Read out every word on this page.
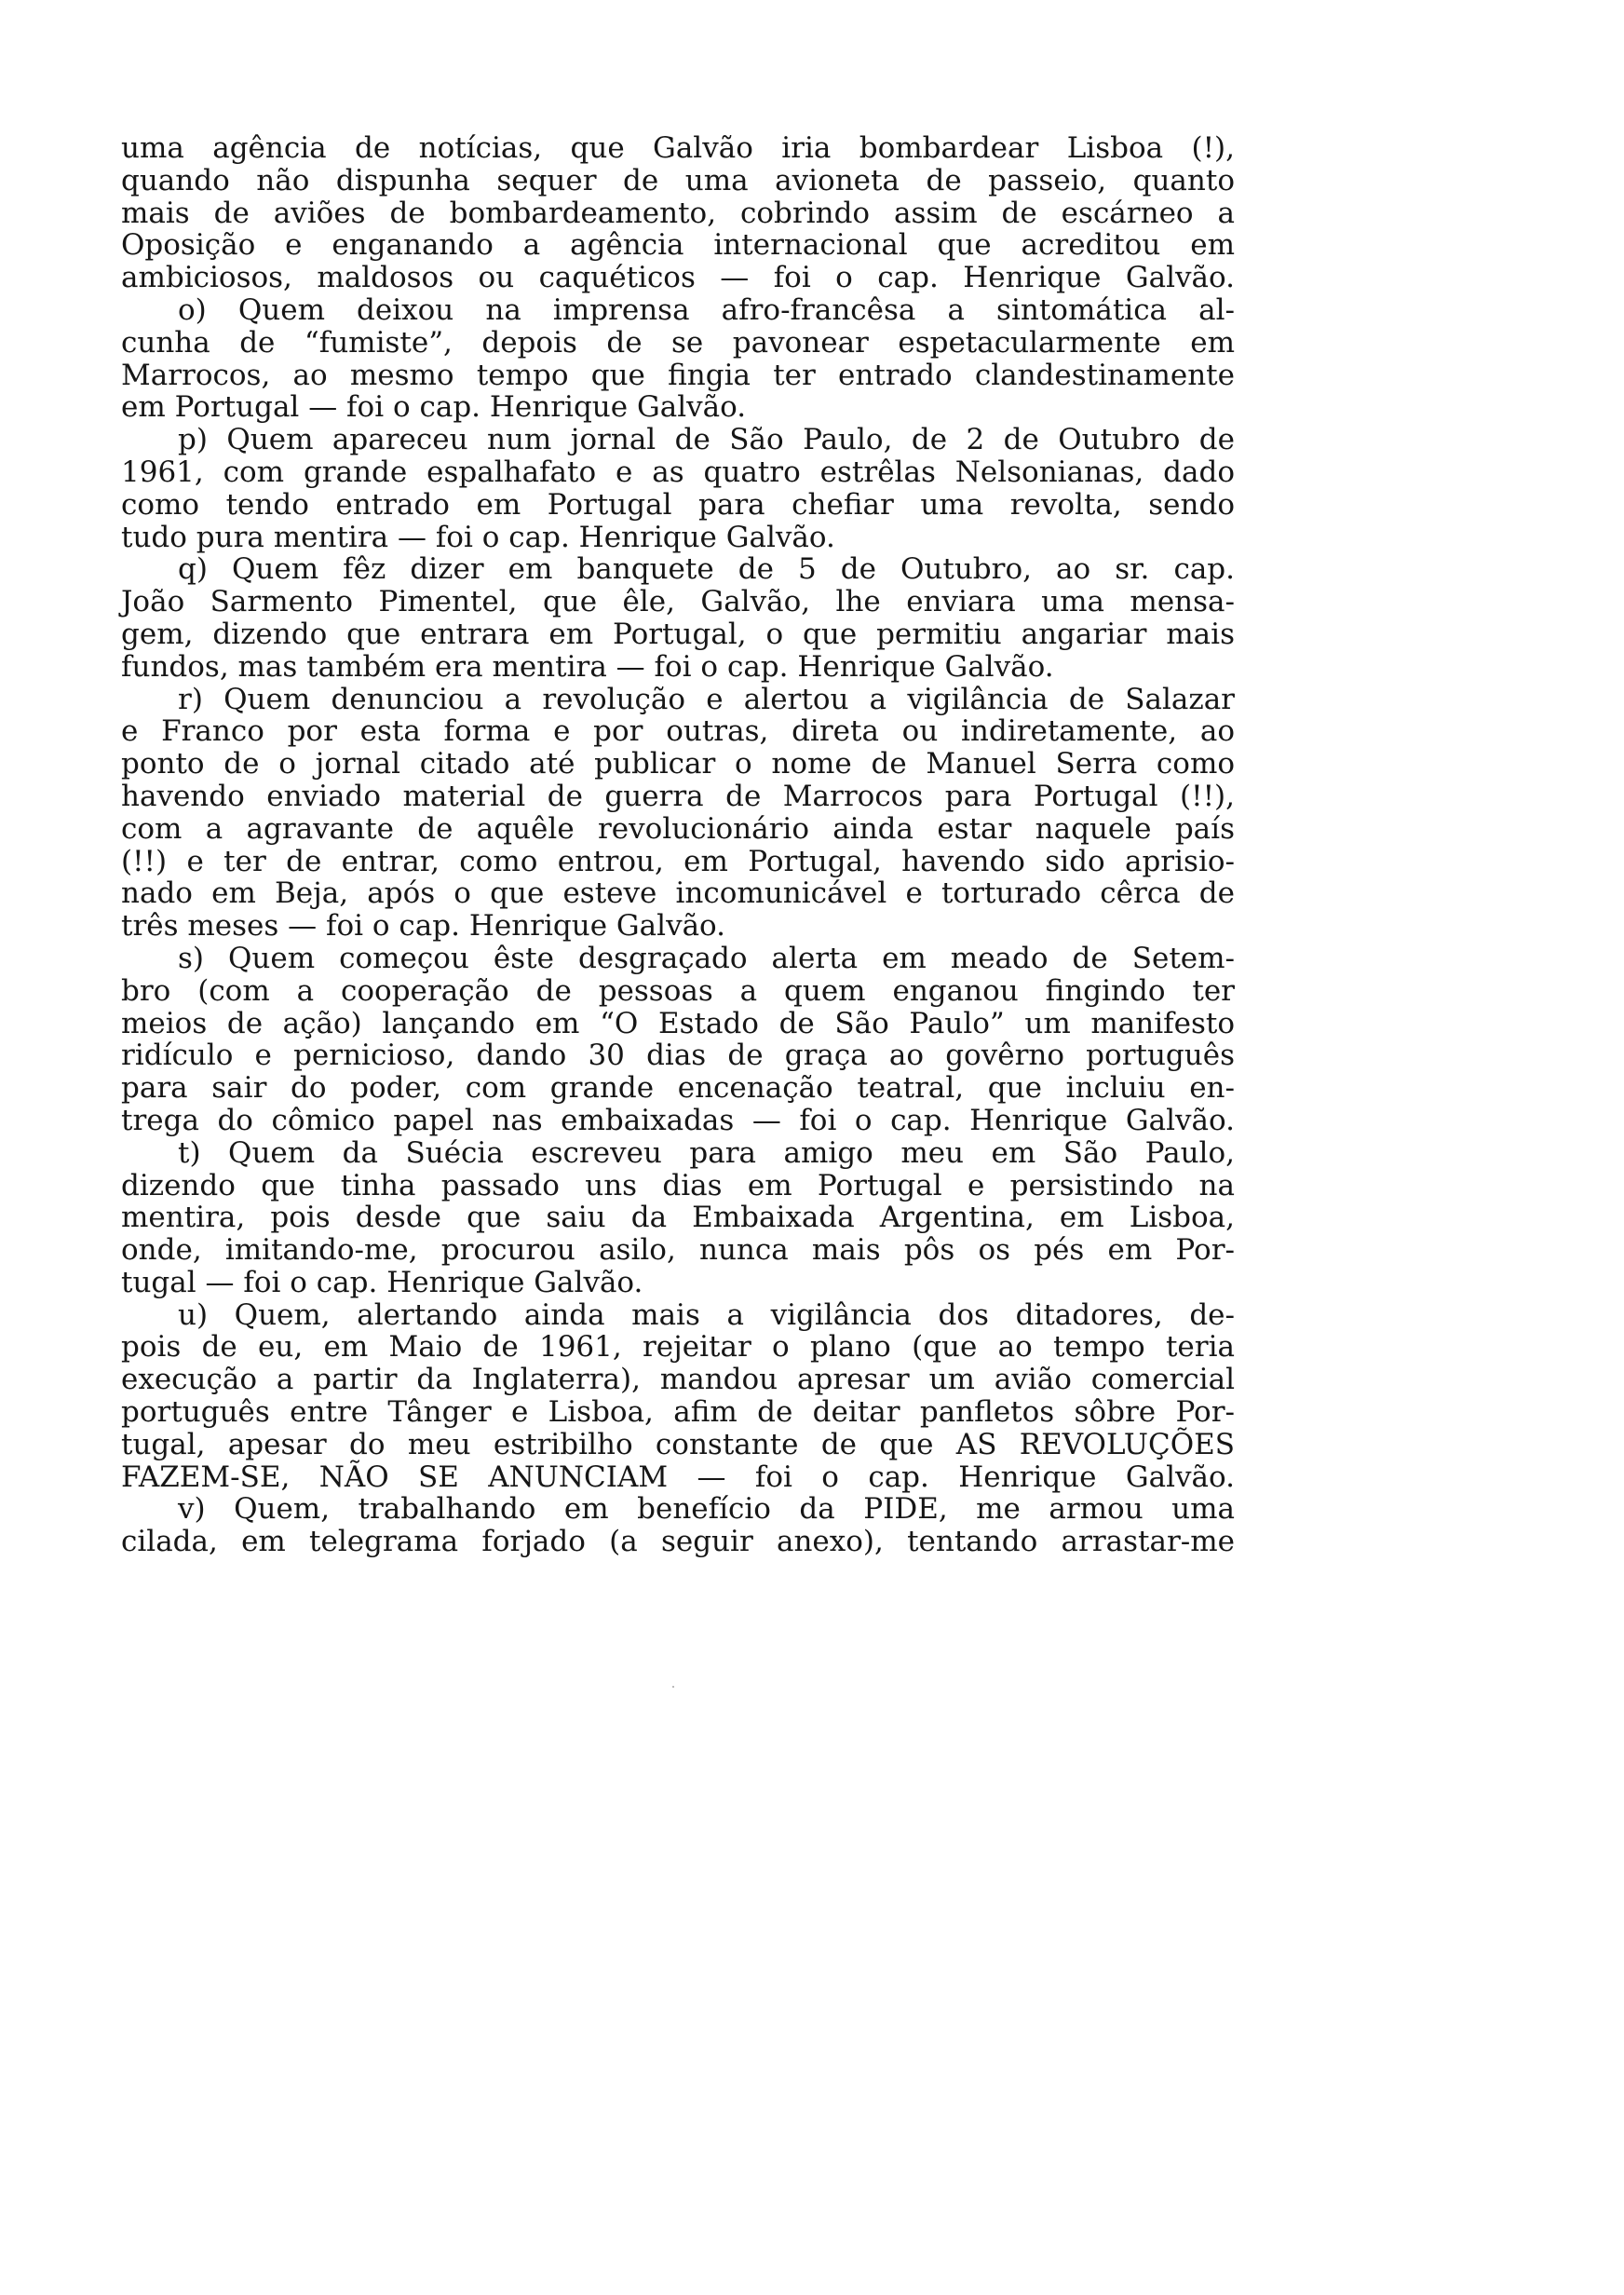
uma agência de notícias, que Galvão iria bombardear Lisboa (!),
quando não dispunha sequer de uma avioneta de passeio, quanto
mais de aviões de bombardeamento, cobrindo assim de escárneo a
Oposição e enganando a agência internacional que acreditou em
ambiciosos, maldosos ou caquéticos — foi o cap. Henrique Galvão.
o) Quem deixou na imprensa afro-francêsa a sintomática al-
cunha de “fumiste”, depois de se pavonear espetacularmente em
Marrocos, ao mesmo tempo que fingia ter entrado clandestinamente
em Portugal — foi o cap. Henrique Galvão.
p) Quem apareceu num jornal de São Paulo, de 2 de Outubro de
1961, com grande espalhafato e as quatro estrêlas Nelsonianas, dado
como tendo entrado em Portugal para chefiar uma revolta, sendo
tudo pura mentira — foi o cap. Henrique Galvão.
q) Quem fêz dizer em banquete de 5 de Outubro, ao sr. cap.
João Sarmento Pimentel, que êle, Galvão, lhe enviara uma mensa-
gem, dizendo que entrara em Portugal, o que permitiu angariar mais
fundos, mas também era mentira — foi o cap. Henrique Galvão.
r) Quem denunciou a revolução e alertou a vigilância de Salazar
e Franco por esta forma e por outras, direta ou indiretamente, ao
ponto de o jornal citado até publicar o nome de Manuel Serra como
havendo enviado material de guerra de Marrocos para Portugal (!!),
com a agravante de aquêle revolucionário ainda estar naquele país
(!!) e ter de entrar, como entrou, em Portugal, havendo sido aprisio-
nado em Beja, após o que esteve incomunicável e torturado cêrca de
três meses — foi o cap. Henrique Galvão.
s) Quem começou êste desgraçado alerta em meado de Setem-
bro (com a cooperação de pessoas a quem enganou fingindo ter
meios de ação) lançando em “O Estado de São Paulo” um manifesto
ridículo e pernicioso, dando 30 dias de graça ao govêrno português
para sair do poder, com grande encenação teatral, que incluiu en-
trega do cômico papel nas embaixadas — foi o cap. Henrique Galvão.
t) Quem da Suécia escreveu para amigo meu em São Paulo,
dizendo que tinha passado uns dias em Portugal e persistindo na
mentira, pois desde que saiu da Embaixada Argentina, em Lisboa,
onde, imitando-me, procurou asilo, nunca mais pôs os pés em Por-
tugal — foi o cap. Henrique Galvão.
u) Quem, alertando ainda mais a vigilância dos ditadores, de-
pois de eu, em Maio de 1961, rejeitar o plano (que ao tempo teria
execução a partir da Inglaterra), mandou apresar um avião comercial
português entre Tânger e Lisboa, afim de deitar panfletos sôbre Por-
tugal, apesar do meu estribilho constante de que AS REVOLUÇÕES
FAZEM-SE, NÃO SE ANUNCIAM — foi o cap. Henrique Galvão.
v) Quem, trabalhando em benefício da PIDE, me armou uma
cilada, em telegrama forjado (a seguir anexo), tentando arrastar-me
